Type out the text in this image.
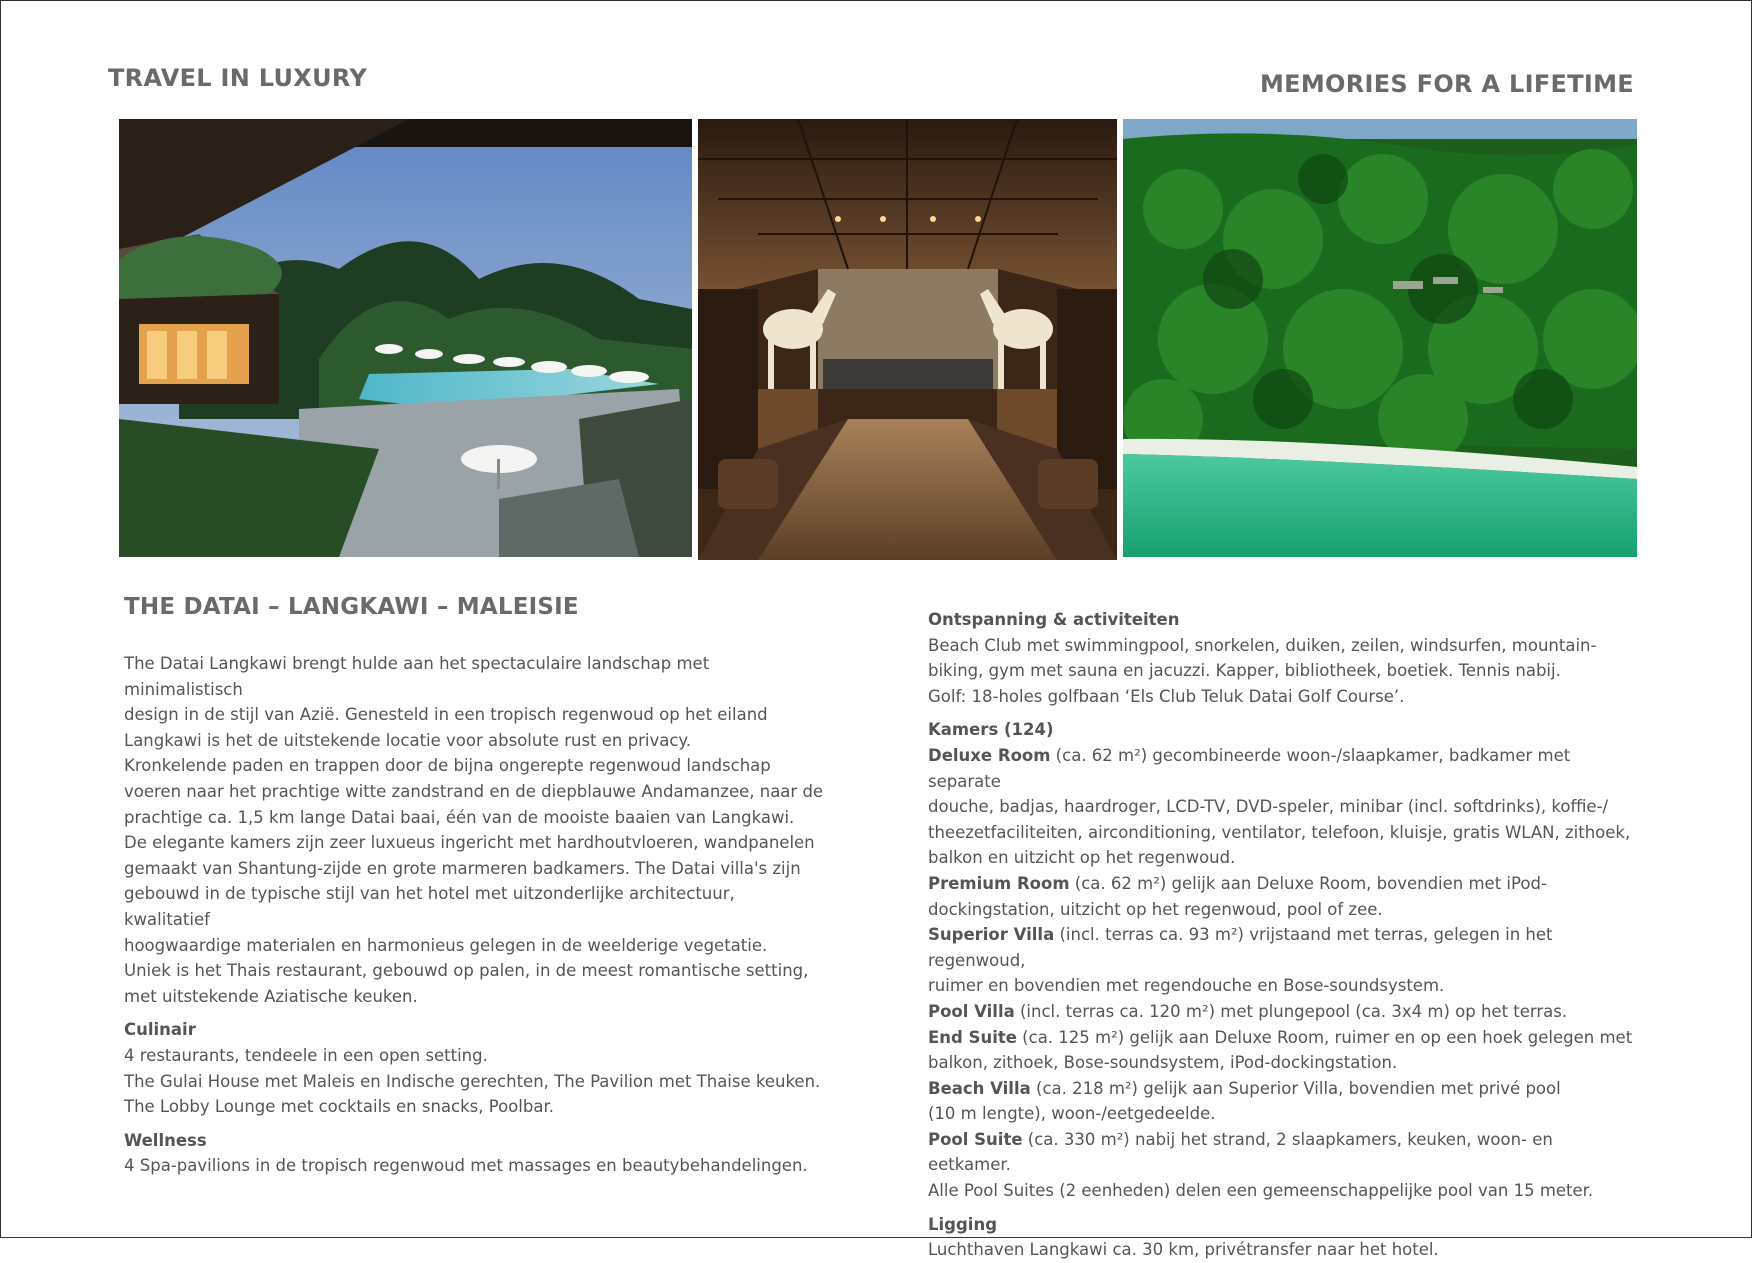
TRAVEL IN LUXURY	MEMORIES FOR A LIFETIME
THE DATAI – LANGKAWI – MALEISIE

The Datai Langkawi brengt hulde aan het spectaculaire landschap met minimalistisch
design in de stijl van Azië. Genesteld in een tropisch regenwoud op het eiland
Langkawi is het de uitstekende locatie voor absolute rust en privacy.
Kronkelende paden en trappen door de bijna ongerepte regenwoud landschap
voeren naar het prachtige witte zandstrand en de diepblauwe Andamanzee, naar de
prachtige ca. 1,5 km lange Datai baai, één van de mooiste baaien van Langkawi.
De elegante kamers zijn zeer luxueus ingericht met hardhoutvloeren, wandpanelen
gemaakt van Shantung-zijde en grote marmeren badkamers. The Datai villa's zijn
gebouwd in de typische stijl van het hotel met uitzonderlijke architectuur, kwalitatief
hoogwaardige materialen en harmonieus gelegen in de weelderige vegetatie.
Uniek is het Thais restaurant, gebouwd op palen, in de meest romantische setting,
met uitstekende Aziatische keuken.

Culinair
4 restaurants, tendeele in een open setting.
The Gulai House met Maleis en Indische gerechten, The Pavilion met Thaise keuken.
The Lobby Lounge met cocktails en snacks, Poolbar.
Wellness
4 Spa-pavilions in de tropisch regenwoud met massages en beautybehandelingen.
Ontspanning & activiteiten
Beach Club met swimmingpool, snorkelen, duiken, zeilen, windsurfen, mountain-
biking, gym met sauna en jacuzzi. Kapper, bibliotheek, boetiek. Tennis nabij.
Golf: 18-holes golfbaan ‘Els Club Teluk Datai Golf Course’.
Kamers (124)
Deluxe Room (ca. 62 m²) gecombineerde woon-/slaapkamer, badkamer met separate
douche, badjas, haardroger, LCD-TV, DVD-speler, minibar (incl. softdrinks), koffie-/
theezetfaciliteiten, airconditioning, ventilator, telefoon, kluisje, gratis WLAN, zithoek,
balkon en uitzicht op het regenwoud.
Premium Room (ca. 62 m²) gelijk aan Deluxe Room, bovendien met iPod-
dockingstation, uitzicht op het regenwoud, pool of zee.
Superior Villa (incl. terras ca. 93 m²) vrijstaand met terras, gelegen in het regenwoud,
ruimer en bovendien met regendouche en Bose-soundsystem.
Pool Villa (incl. terras ca. 120 m²) met plungepool (ca. 3x4 m) op het terras.
End Suite (ca. 125 m²) gelijk aan Deluxe Room, ruimer en op een hoek gelegen met
balkon, zithoek, Bose-soundsystem, iPod-dockingstation.
Beach Villa (ca. 218 m²) gelijk aan Superior Villa, bovendien met privé pool
(10 m lengte), woon-/eetgedeelde.
Pool Suite (ca. 330 m²) nabij het strand, 2 slaapkamers, keuken, woon- en eetkamer.
Alle Pool Suites (2 eenheden) delen een gemeenschappelijke pool van 15 meter.
Ligging
Luchthaven Langkawi ca. 30 km, privétransfer naar het hotel.
